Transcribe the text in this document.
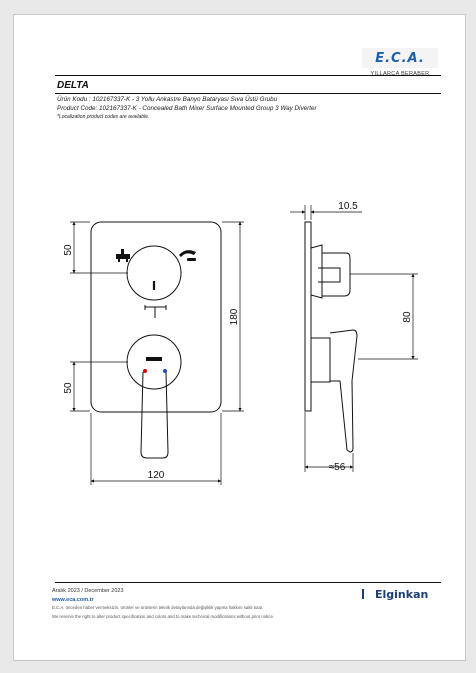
E.C.A.
YILLARCA BERABER
DELTA
Ürün Kodu : 102167337-K - 3 Yollu Ankastre Banyo Bataryası Sıva Üstü Grubu
Product Code: 102167337-K - Concealed Bath Mixer Surface Mounted Group 3 Way Diverter
*Localization product codes are available.
50
50
180
120
10.5
80
≈56
Aralık 2023 / December 2023
www.eca.com.tr
E.C.A. önceden haber vermeksizin, ürünler ve ürünlerin teknik detaylarında değişiklik yapma hakkını saklı tutar.
We reserve the right to alter product specification and colors and to make technical modifications without prior notice.
Elginkan
